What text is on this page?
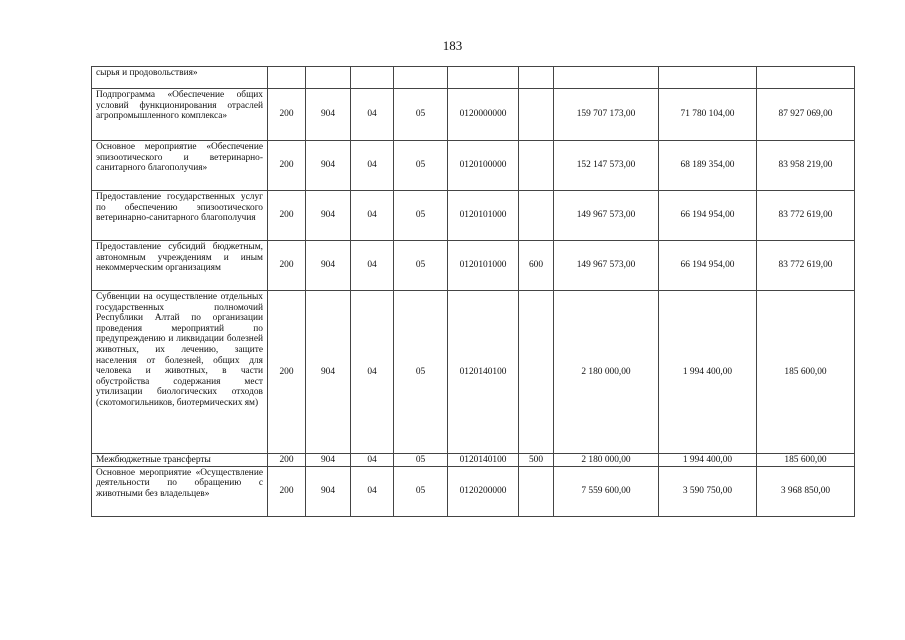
183
сырья и продовольствия»									
Подпрограмма «Обеспечение общих условий функционирования отраслей агропромышленного комплекса»	200	904	04	05	0120000000		159 707 173,00	71 780 104,00	87 927 069,00
Основное мероприятие «Обеспечение эпизоотического и ветеринарно-санитарного благополучия»	200	904	04	05	0120100000		152 147 573,00	68 189 354,00	83 958 219,00
Предоставление государственных услуг по обеспечению эпизоотического ветеринарно-санитарного благополучия	200	904	04	05	0120101000		149 967 573,00	66 194 954,00	83 772 619,00
Предоставление субсидий бюджетным, автономным учреждениям и иным некоммерческим организациям	200	904	04	05	0120101000	600	149 967 573,00	66 194 954,00	83 772 619,00
Субвенции на осуществление отдельных государственных полномочий Республики Алтай по организации проведения мероприятий по предупреждению и ликвидации болезней животных, их лечению, защите населения от болезней, общих для человека и животных, в части обустройства содержания мест утилизации биологических отходов (скотомогильников, биотермических ям)	200	904	04	05	0120140100		2 180 000,00	1 994 400,00	185 600,00
Межбюджетные трансферты	200	904	04	05	0120140100	500	2 180 000,00	1 994 400,00	185 600,00
Основное мероприятие «Осуществление деятельности по обращению с животными без владельцев»	200	904	04	05	0120200000		7 559 600,00	3 590 750,00	3 968 850,00
